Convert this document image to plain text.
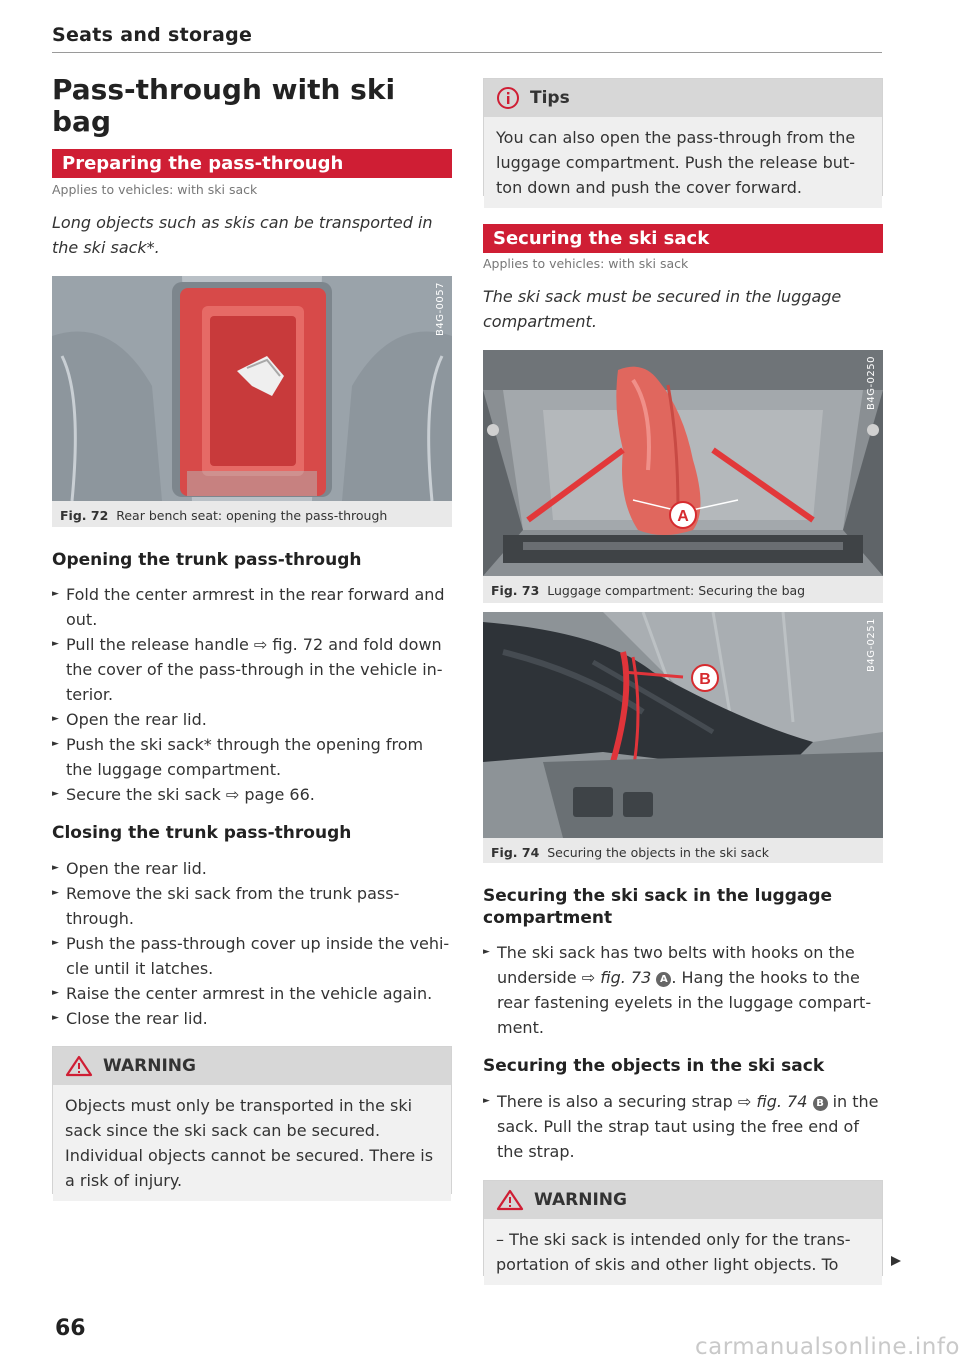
Seats and storage
Pass-through with ski bag
Preparing the pass-through
Applies to vehicles: with ski sack
Long objects such as skis can be transported in the ski sack*.
B4G-0057
Fig. 72 Rear bench seat: opening the pass-through
Opening the trunk pass-through
► Fold the center armrest in the rear forward and out.
► Pull the release handle ⇨ fig. 72 and fold down the cover of the pass-through in the vehicle interior.
► Open the rear lid.
► Push the ski sack* through the opening from the luggage compartment.
► Secure the ski sack ⇨ page 66.
Closing the trunk pass-through
► Open the rear lid.
► Remove the ski sack from the trunk passthrough.
► Push the pass-through cover up inside the vehicle until it latches.
► Raise the center armrest in the vehicle again.
► Close the rear lid.
WARNING
Objects must only be transported in the ski sack since the ski sack can be secured. Individual objects cannot be secured. There is a risk of injury.
Tips
You can also open the pass-through from the luggage compartment. Push the release button down and push the cover forward.
Securing the ski sack
Applies to vehicles: with ski sack
The ski sack must be secured in the luggage compartment.
A
B4G-0250
Fig. 73 Luggage compartment: Securing the bag
B
B4G-0251
Fig. 74 Securing the objects in the ski sack
Securing the ski sack in the luggage compartment
► The ski sack has two belts with hooks on the underside ⇨ fig. 73 A . Hang the hooks to the rear fastening eyelets in the luggage compartment.
Securing the objects in the ski sack
► There is also a securing strap ⇨ fig. 74 B in the sack. Pull the strap taut using the free end of the strap.
WARNING
– The ski sack is intended only for the transportation of skis and other light objects. To
66
carmanualsonline.info
